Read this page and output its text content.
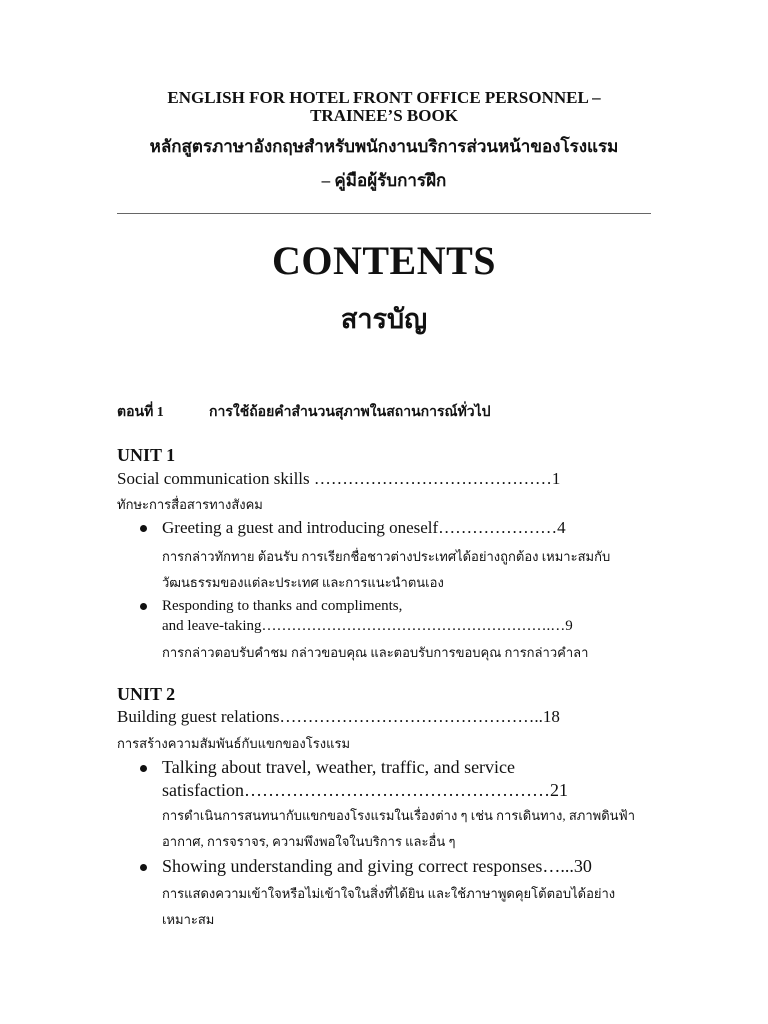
ENGLISH FOR HOTEL FRONT OFFICE PERSONNEL –
TRAINEE’S BOOK
หลักสูตรภาษาอังกฤษสำหรับพนักงานบริการส่วนหน้าของโรงแรม
– คู่มือผู้รับการฝึก
CONTENTS
สารบัญ
ตอนที่ 1	การใช้ถ้อยคำสำนวนสุภาพในสถานการณ์ทั่วไป
UNIT 1
Social communication skills ……………………………………1
ทักษะการสื่อสารทางสังคม
Greeting a guest and introducing oneself…………………4
การกล่าวทักทาย ต้อนรับ การเรียกชื่อชาวต่างประเทศได้อย่างถูกต้อง เหมาะสมกับ
วัฒนธรรมของแต่ละประเทศ และการแนะนำตนเอง
Responding to thanks and compliments,
and leave-taking………………………………………………….…9
การกล่าวตอบรับคำชม กล่าวขอบคุณ และตอบรับการขอบคุณ การกล่าวคำลา
UNIT 2
Building guest relations………………………………………..18
การสร้างความสัมพันธ์กับแขกของโรงแรม
Talking about travel, weather, traffic, and service
satisfaction……………………………………………21
การดำเนินการสนทนากับแขกของโรงแรมในเรื่องต่าง ๆ เช่น การเดินทาง, สภาพดินฟ้า
อากาศ, การจราจร, ความพึงพอใจในบริการ และอื่น ๆ
Showing understanding and giving correct responses…...30
การแสดงความเข้าใจหรือไม่เข้าใจในสิ่งที่ได้ยิน และใช้ภาษาพูดคุยโต้ตอบได้อย่าง
เหมาะสม
